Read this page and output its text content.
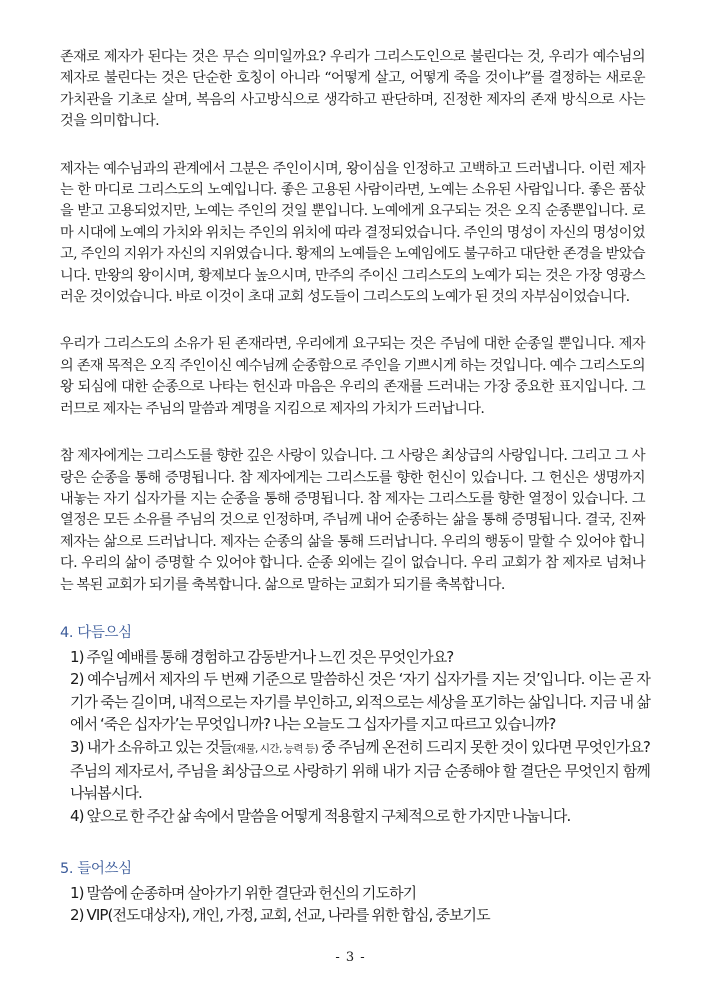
존재로 제자가 된다는 것은 무슨 의미일까요? 우리가 그리스도인으로 불린다는 것, 우리가 예수님의 제자로 불린다는 것은 단순한 호칭이 아니라 “어떻게 살고, 어떻게 죽을 것이냐”를 결정하는 새로운 가치관을 기초로 살며, 복음의 사고방식으로 생각하고 판단하며, 진정한 제자의 존재 방식으로 사는 것을 의미합니다.

제자는 예수님과의 관계에서 그분은 주인이시며, 왕이심을 인정하고 고백하고 드러냅니다. 이런 제자는 한 마디로 그리스도의 노예입니다. 좋은 고용된 사람이라면, 노예는 소유된 사람입니다. 좋은 품삯을 받고 고용되었지만, 노예는 주인의 것일 뿐입니다. 노예에게 요구되는 것은 오직 순종뿐입니다. 로마 시대에 노예의 가치와 위치는 주인의 위치에 따라 결정되었습니다. 주인의 명성이 자신의 명성이었고, 주인의 지위가 자신의 지위였습니다. 황제의 노예들은 노예임에도 불구하고 대단한 존경을 받았습니다. 만왕의 왕이시며, 황제보다 높으시며, 만주의 주이신 그리스도의 노예가 되는 것은 가장 영광스러운 것이었습니다. 바로 이것이 초대 교회 성도들이 그리스도의 노예가 된 것의 자부심이었습니다.

우리가 그리스도의 소유가 된 존재라면, 우리에게 요구되는 것은 주님에 대한 순종일 뿐입니다. 제자의 존재 목적은 오직 주인이신 예수님께 순종함으로 주인을 기쁘시게 하는 것입니다. 예수 그리스도의 왕 되심에 대한 순종으로 나타는 헌신과 마음은 우리의 존재를 드러내는 가장 중요한 표지입니다. 그러므로 제자는 주님의 말씀과 계명을 지킴으로 제자의 가치가 드러납니다.

참 제자에게는 그리스도를 향한 깊은 사랑이 있습니다. 그 사랑은 최상급의 사랑입니다. 그리고 그 사랑은 순종을 통해 증명됩니다. 참 제자에게는 그리스도를 향한 헌신이 있습니다. 그 헌신은 생명까지 내놓는 자기 십자가를 지는 순종을 통해 증명됩니다. 참 제자는 그리스도를 향한 열정이 있습니다. 그 열정은 모든 소유를 주님의 것으로 인정하며, 주님께 내어 순종하는 삶을 통해 증명됩니다. 결국, 진짜 제자는 삶으로 드러납니다. 제자는 순종의 삶을 통해 드러납니다. 우리의 행동이 말할 수 있어야 합니다. 우리의 삶이 증명할 수 있어야 합니다. 순종 외에는 길이 없습니다. 우리 교회가 참 제자로 넘쳐나는 복된 교회가 되기를 축복합니다. 삶으로 말하는 교회가 되기를 축복합니다.

4. 다듬으심
1) 주일 예배를 통해 경험하고 감동받거나 느낀 것은 무엇인가요?
2) 예수님께서 제자의 두 번째 기준으로 말씀하신 것은 ‘자기 십자가를 지는 것’입니다. 이는 곧 자기가 죽는 길이며, 내적으로는 자기를 부인하고, 외적으로는 세상을 포기하는 삶입니다. 지금 내 삶에서 ‘죽은 십자가’는 무엇입니까? 나는 오늘도 그 십자가를 지고 따르고 있습니까?
3) 내가 소유하고 있는 것들(재물, 시간, 능력 등) 중 주님께 온전히 드리지 못한 것이 있다면 무엇인가요? 주님의 제자로서, 주님을 최상급으로 사랑하기 위해 내가 지금 순종해야 할 결단은 무엇인지 함께 나눠봅시다.
4) 앞으로 한 주간 삶 속에서 말씀을 어떻게 적용할지 구체적으로 한 가지만 나눕니다.
5. 들어쓰심
1) 말씀에 순종하며 살아가기 위한 결단과 헌신의 기도하기
2) VIP(전도대상자), 개인, 가정, 교회, 선교, 나라를 위한 합심, 중보기도
- 3 -
